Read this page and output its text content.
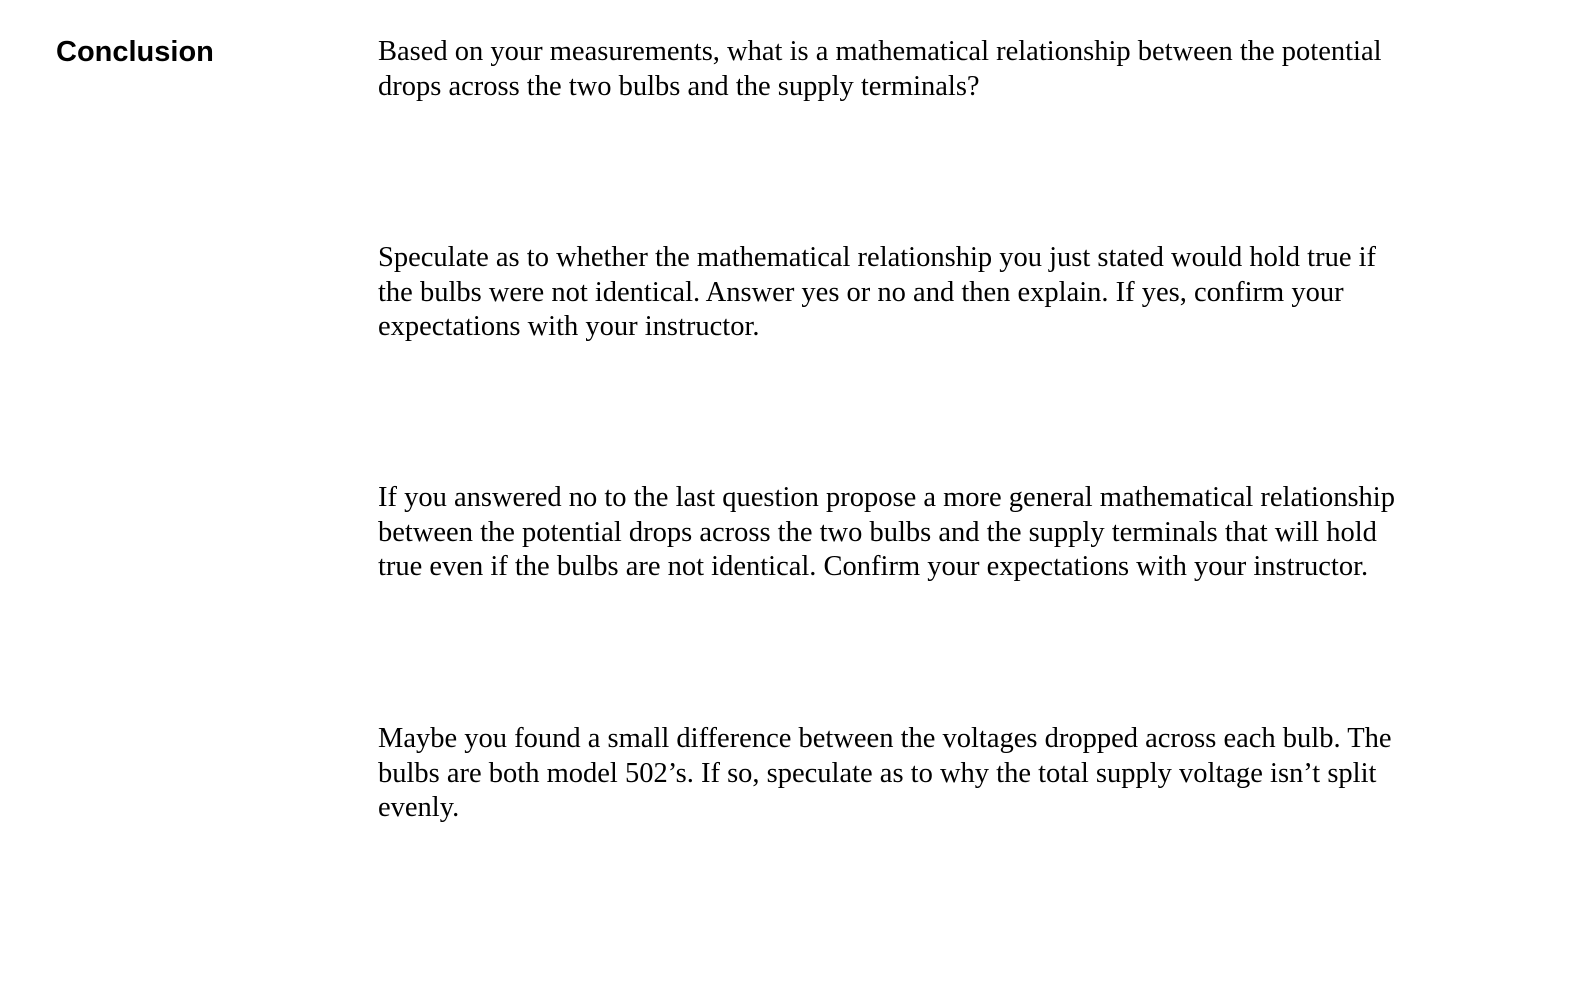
Conclusion	Based on your measurements, what is a mathematical relationship between the potential
drops across the two bulbs and the supply terminals?

Speculate as to whether the mathematical relationship you just stated would hold true if
the bulbs were not identical. Answer yes or no and then explain. If yes, confirm your
expectations with your instructor.

If you answered no to the last question propose a more general mathematical relationship
between the potential drops across the two bulbs and the supply terminals that will hold
true even if the bulbs are not identical. Confirm your expectations with your instructor.

Maybe you found a small difference between the voltages dropped across each bulb. The
bulbs are both model 502’s. If so, speculate as to why the total supply voltage isn’t split
evenly.
